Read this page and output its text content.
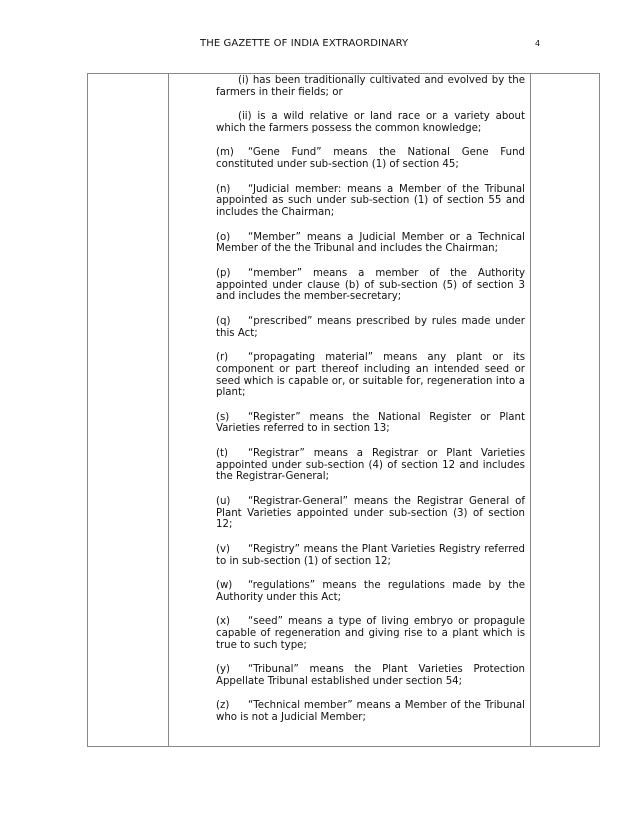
THE GAZETTE OF INDIA EXTRAORDINARY	4

(i) has been traditionally cultivated and evolved by the farmers in their fields; or

(ii) is a wild relative or land race or a variety about which the farmers possess the common knowledge;

(m) “Gene Fund” means the National Gene Fund constituted under sub-section (1) of section 45;

(n) “Judicial member: means a Member of the Tribunal appointed as such under sub-section (1) of section 55 and includes the Chairman;

(o) “Member” means a Judicial Member or a Technical Member of the the Tribunal and includes the Chairman;

(p) “member” means a member of the Authority appointed under clause (b) of sub-section (5) of section 3 and includes the member-secretary;

(q) “prescribed” means prescribed by rules made under this Act;

(r) “propagating material” means any plant or its component or part thereof including an intended seed or seed which is capable or, or suitable for, regeneration into a plant;

(s) “Register” means the National Register or Plant Varieties referred to in section 13;

(t) “Registrar” means a Registrar or Plant Varieties appointed under sub-section (4) of section 12 and includes the Registrar-General;

(u) “Registrar-General” means the Registrar General of Plant Varieties appointed under sub-section (3) of section 12;

(v) “Registry” means the Plant Varieties Registry referred to in sub-section (1) of section 12;

(w) “regulations” means the regulations made by the Authority under this Act;

(x) “seed” means a type of living embryo or propagule capable of regeneration and giving rise to a plant which is true to such type;

(y) “Tribunal” means the Plant Varieties Protection Appellate Tribunal established under section 54;

(z) “Technical member” means a Member of the Tribunal who is not a Judicial Member;
